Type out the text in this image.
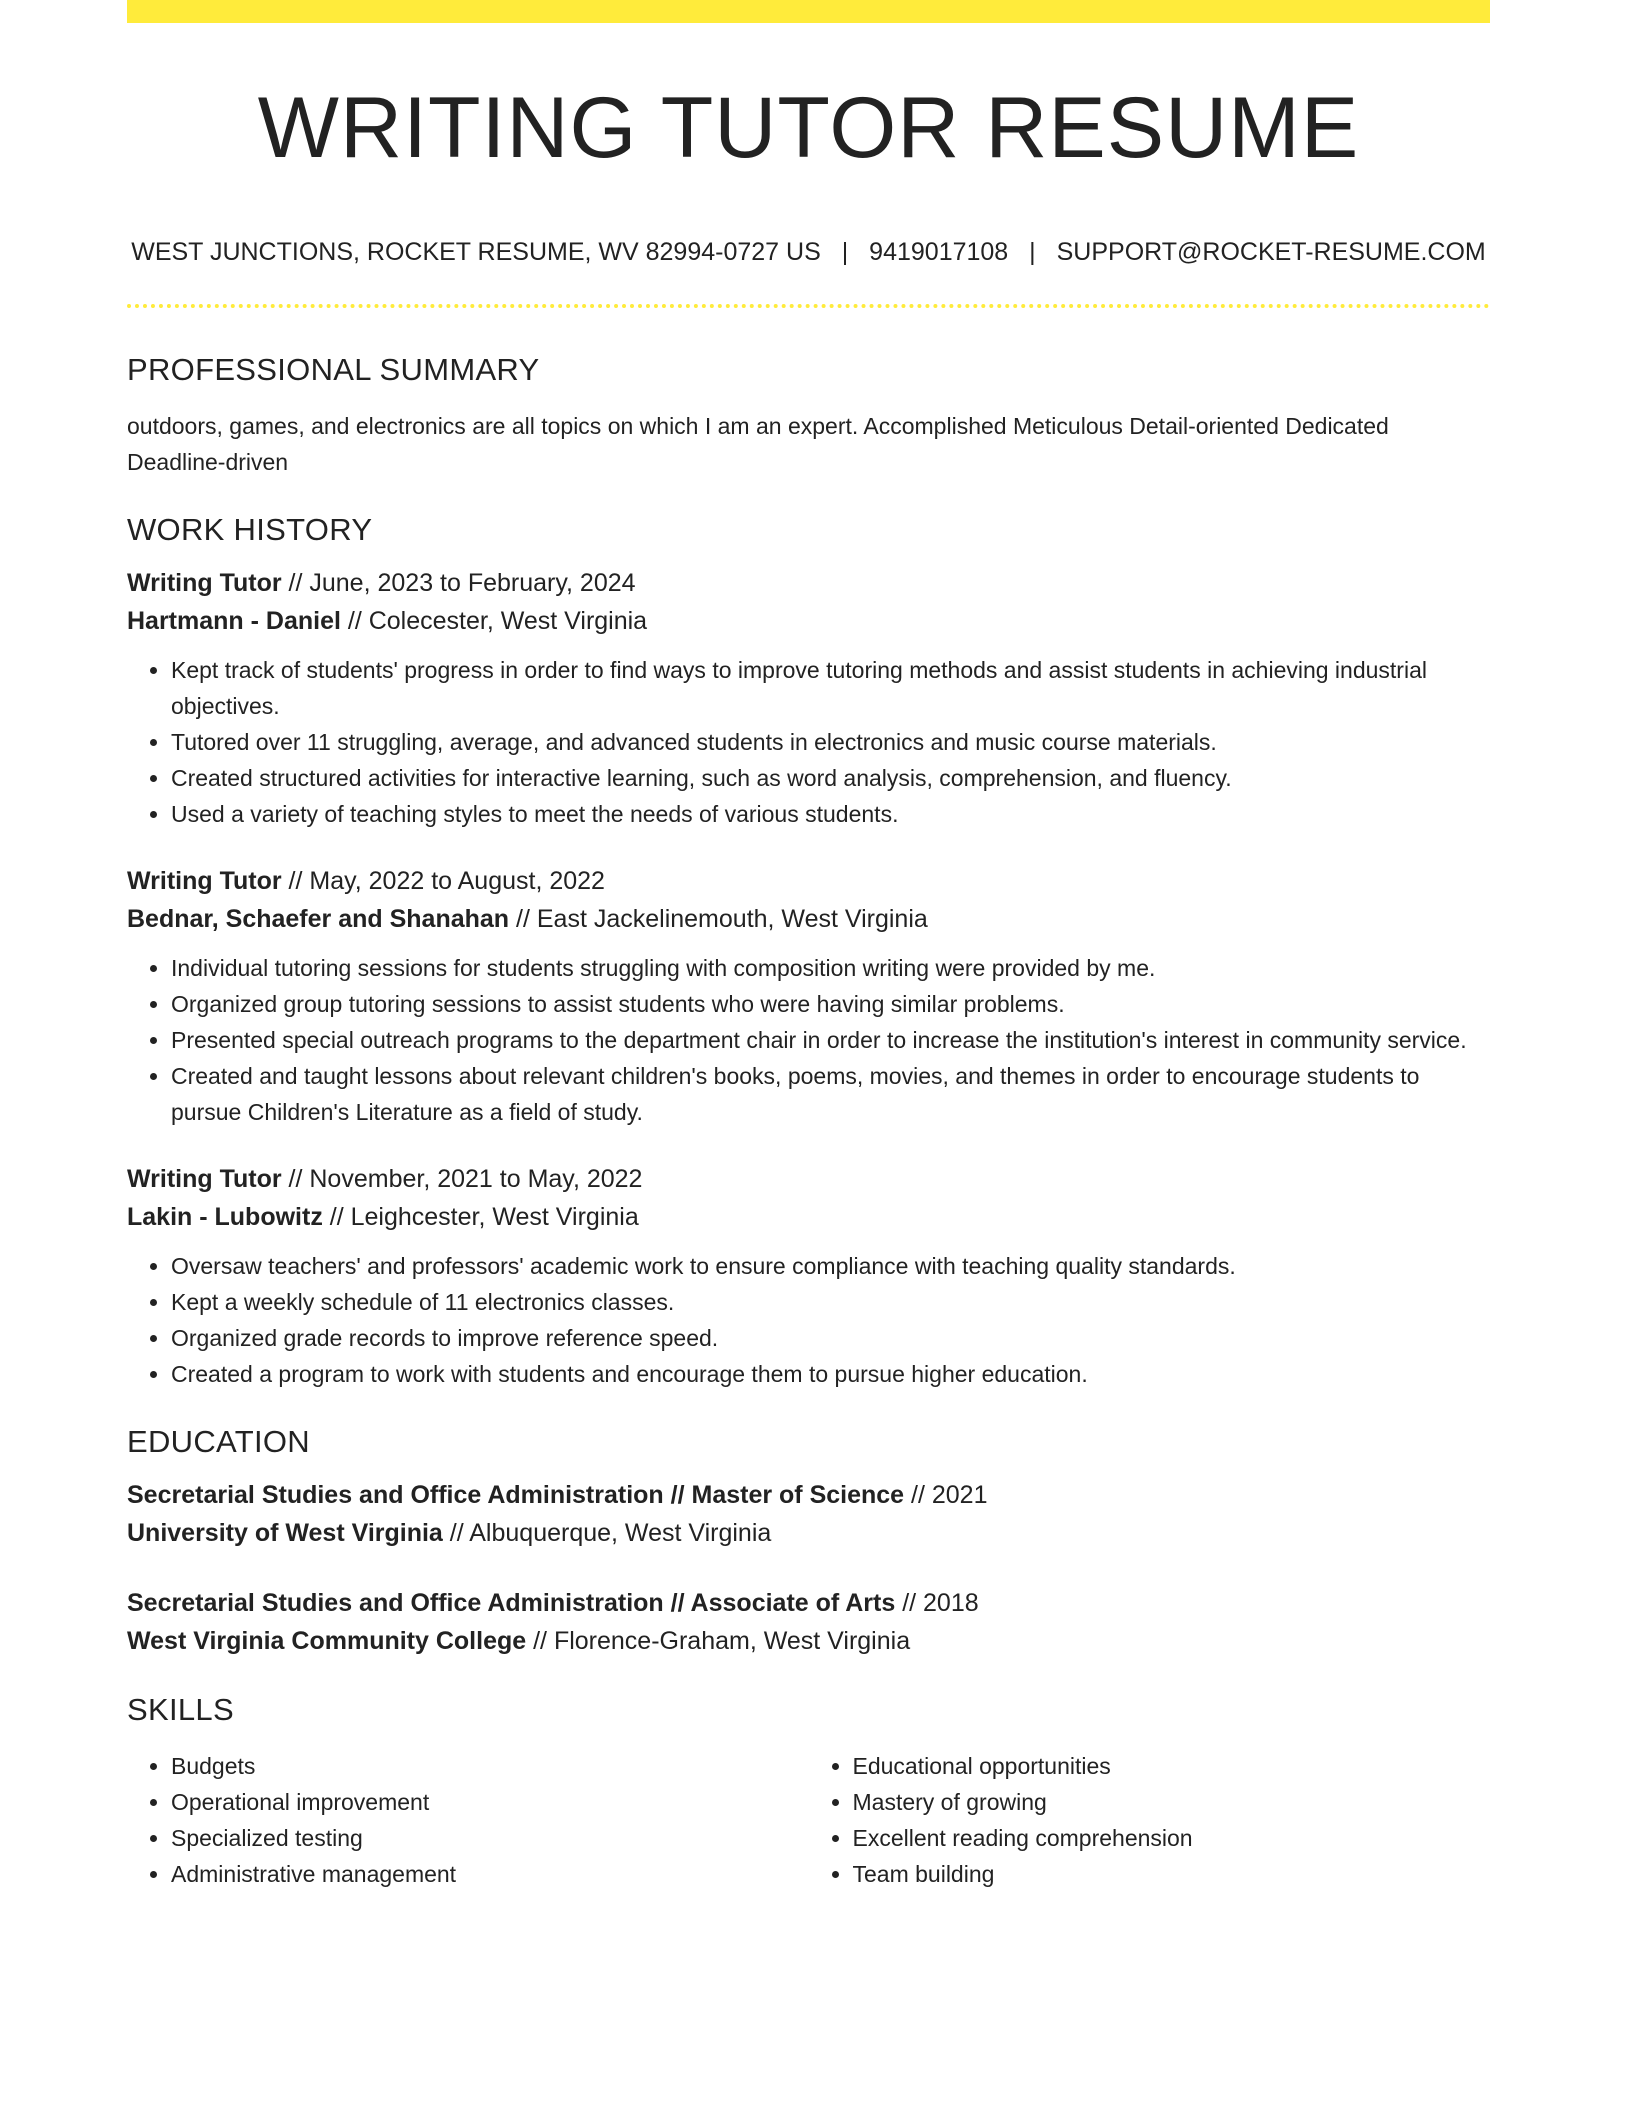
WRITING TUTOR RESUME
WEST JUNCTIONS, ROCKET RESUME, WV 82994-0727 US | 9419017108 | SUPPORT@ROCKET-RESUME.COM
PROFESSIONAL SUMMARY

outdoors, games, and electronics are all topics on which I am an expert. Accomplished Meticulous Detail-oriented Dedicated Deadline-driven

WORK HISTORY
Writing Tutor // June, 2023 to February, 2024
Hartmann - Daniel // Colecester, West Virginia
• Kept track of students' progress in order to find ways to improve tutoring methods and assist students in achieving industrial objectives.
• Tutored over 11 struggling, average, and advanced students in electronics and music course materials.
• Created structured activities for interactive learning, such as word analysis, comprehension, and fluency.
• Used a variety of teaching styles to meet the needs of various students.
Writing Tutor // May, 2022 to August, 2022
Bednar, Schaefer and Shanahan // East Jackelinemouth, West Virginia
• Individual tutoring sessions for students struggling with composition writing were provided by me.
• Organized group tutoring sessions to assist students who were having similar problems.
• Presented special outreach programs to the department chair in order to increase the institution's interest in community service.
• Created and taught lessons about relevant children's books, poems, movies, and themes in order to encourage students to pursue Children's Literature as a field of study.
Writing Tutor // November, 2021 to May, 2022
Lakin - Lubowitz // Leighcester, West Virginia
• Oversaw teachers' and professors' academic work to ensure compliance with teaching quality standards.
• Kept a weekly schedule of 11 electronics classes.
• Organized grade records to improve reference speed.
• Created a program to work with students and encourage them to pursue higher education.
EDUCATION
Secretarial Studies and Office Administration // Master of Science // 2021
University of West Virginia // Albuquerque, West Virginia
Secretarial Studies and Office Administration // Associate of Arts // 2018
West Virginia Community College // Florence-Graham, West Virginia
SKILLS
• Budgets
• Operational improvement
• Specialized testing
• Administrative management
• Educational opportunities
• Mastery of growing
• Excellent reading comprehension
• Team building
